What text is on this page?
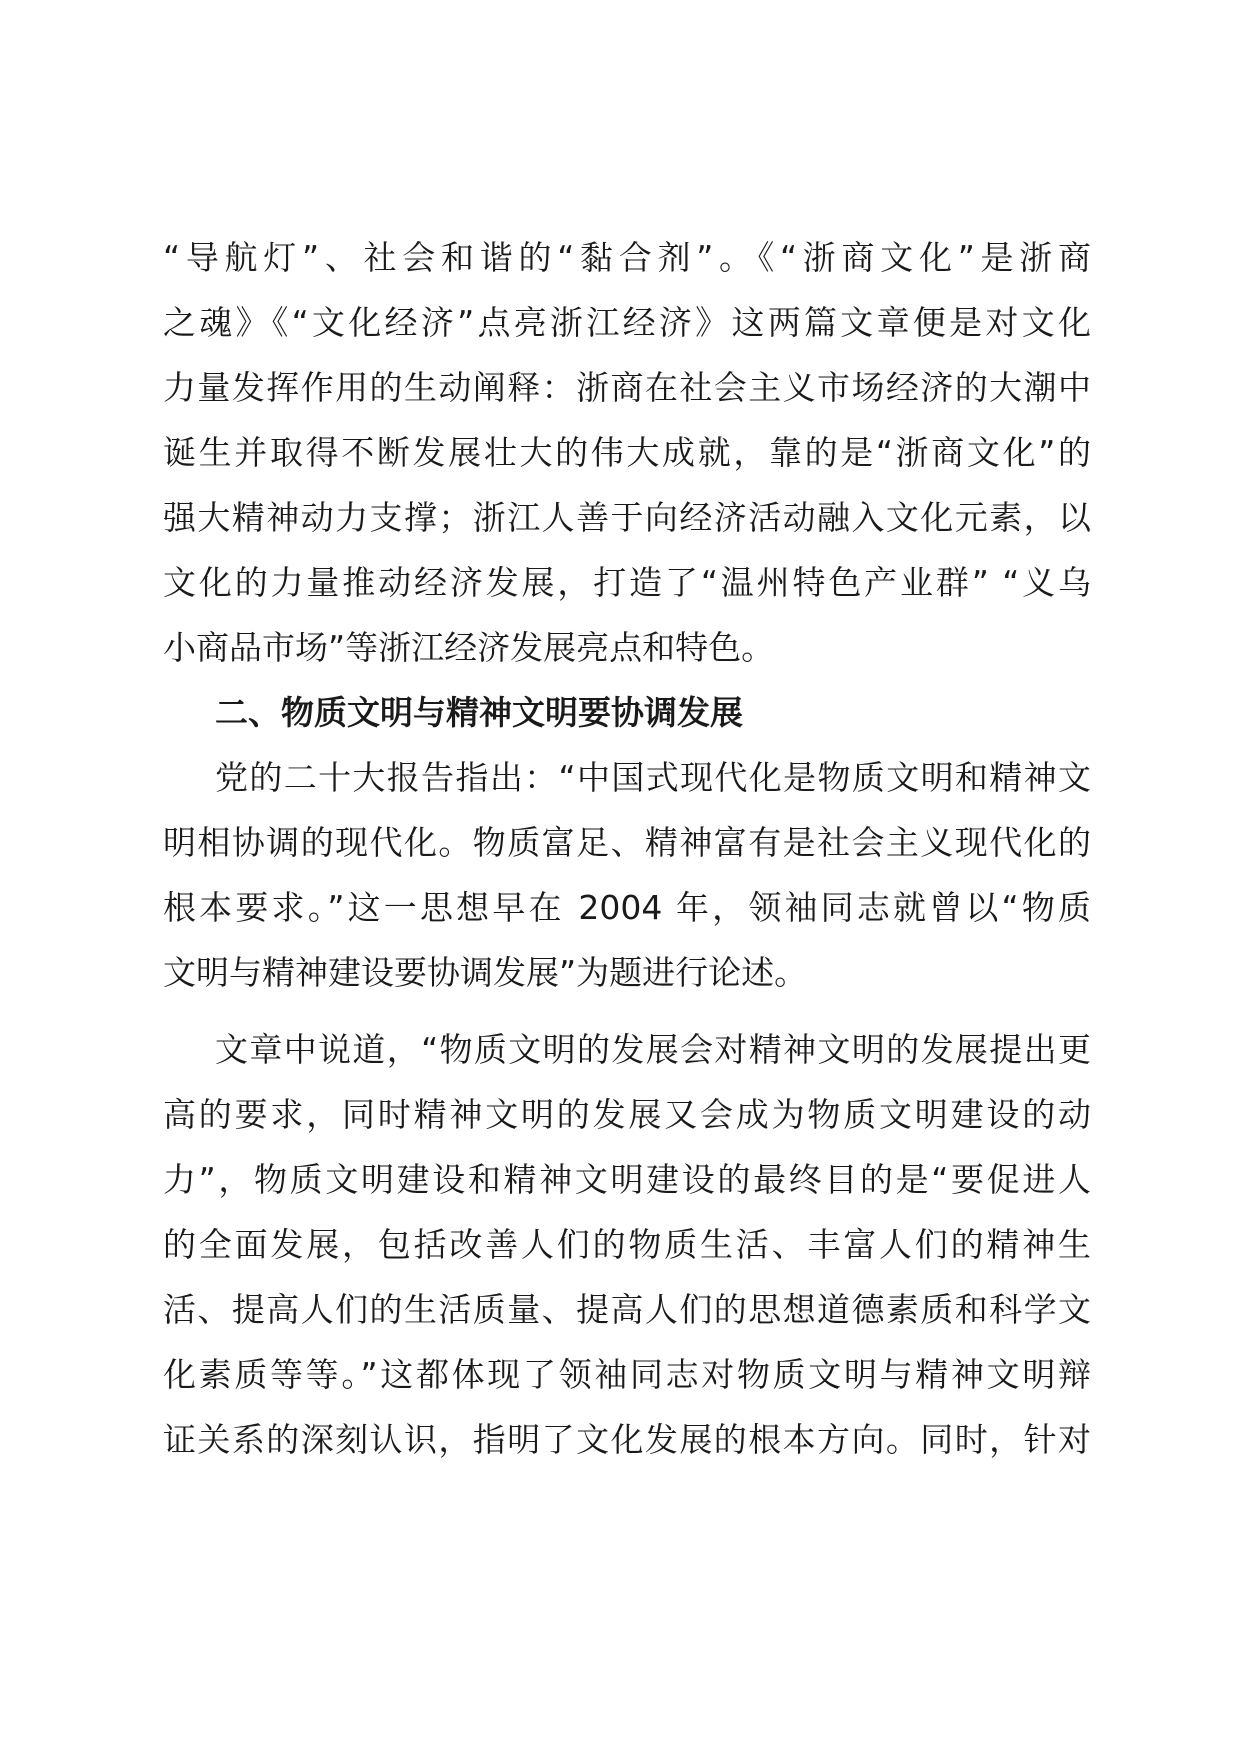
“导航灯”、社会和谐的“黏合剂”。《“浙商文化”是浙商
之魂》《“文化经济”点亮浙江经济》这两篇文章便是对文化
力量发挥作用的生动阐释：浙商在社会主义市场经济的大潮中
诞生并取得不断发展壮大的伟大成就，靠的是“浙商文化”的
强大精神动力支撑；浙江人善于向经济活动融入文化元素，以
文化的力量推动经济发展，打造了“温州特色产业群” “义乌
小商品市场”等浙江经济发展亮点和特色。
二、物质文明与精神文明要协调发展
党的二十大报告指出：“中国式现代化是物质文明和精神文
明相协调的现代化。物质富足、精神富有是社会主义现代化的
根本要求。”这一思想早在 2004 年，领袖同志就曾以“物质
文明与精神建设要协调发展”为题进行论述。
文章中说道，“物质文明的发展会对精神文明的发展提出更
高的要求，同时精神文明的发展又会成为物质文明建设的动
力”，物质文明建设和精神文明建设的最终目的是“要促进人
的全面发展，包括改善人们的物质生活、丰富人们的精神生
活、提高人们的生活质量、提高人们的思想道德素质和科学文
化素质等等。”这都体现了领袖同志对物质文明与精神文明辩
证关系的深刻认识，指明了文化发展的根本方向。同时，针对
